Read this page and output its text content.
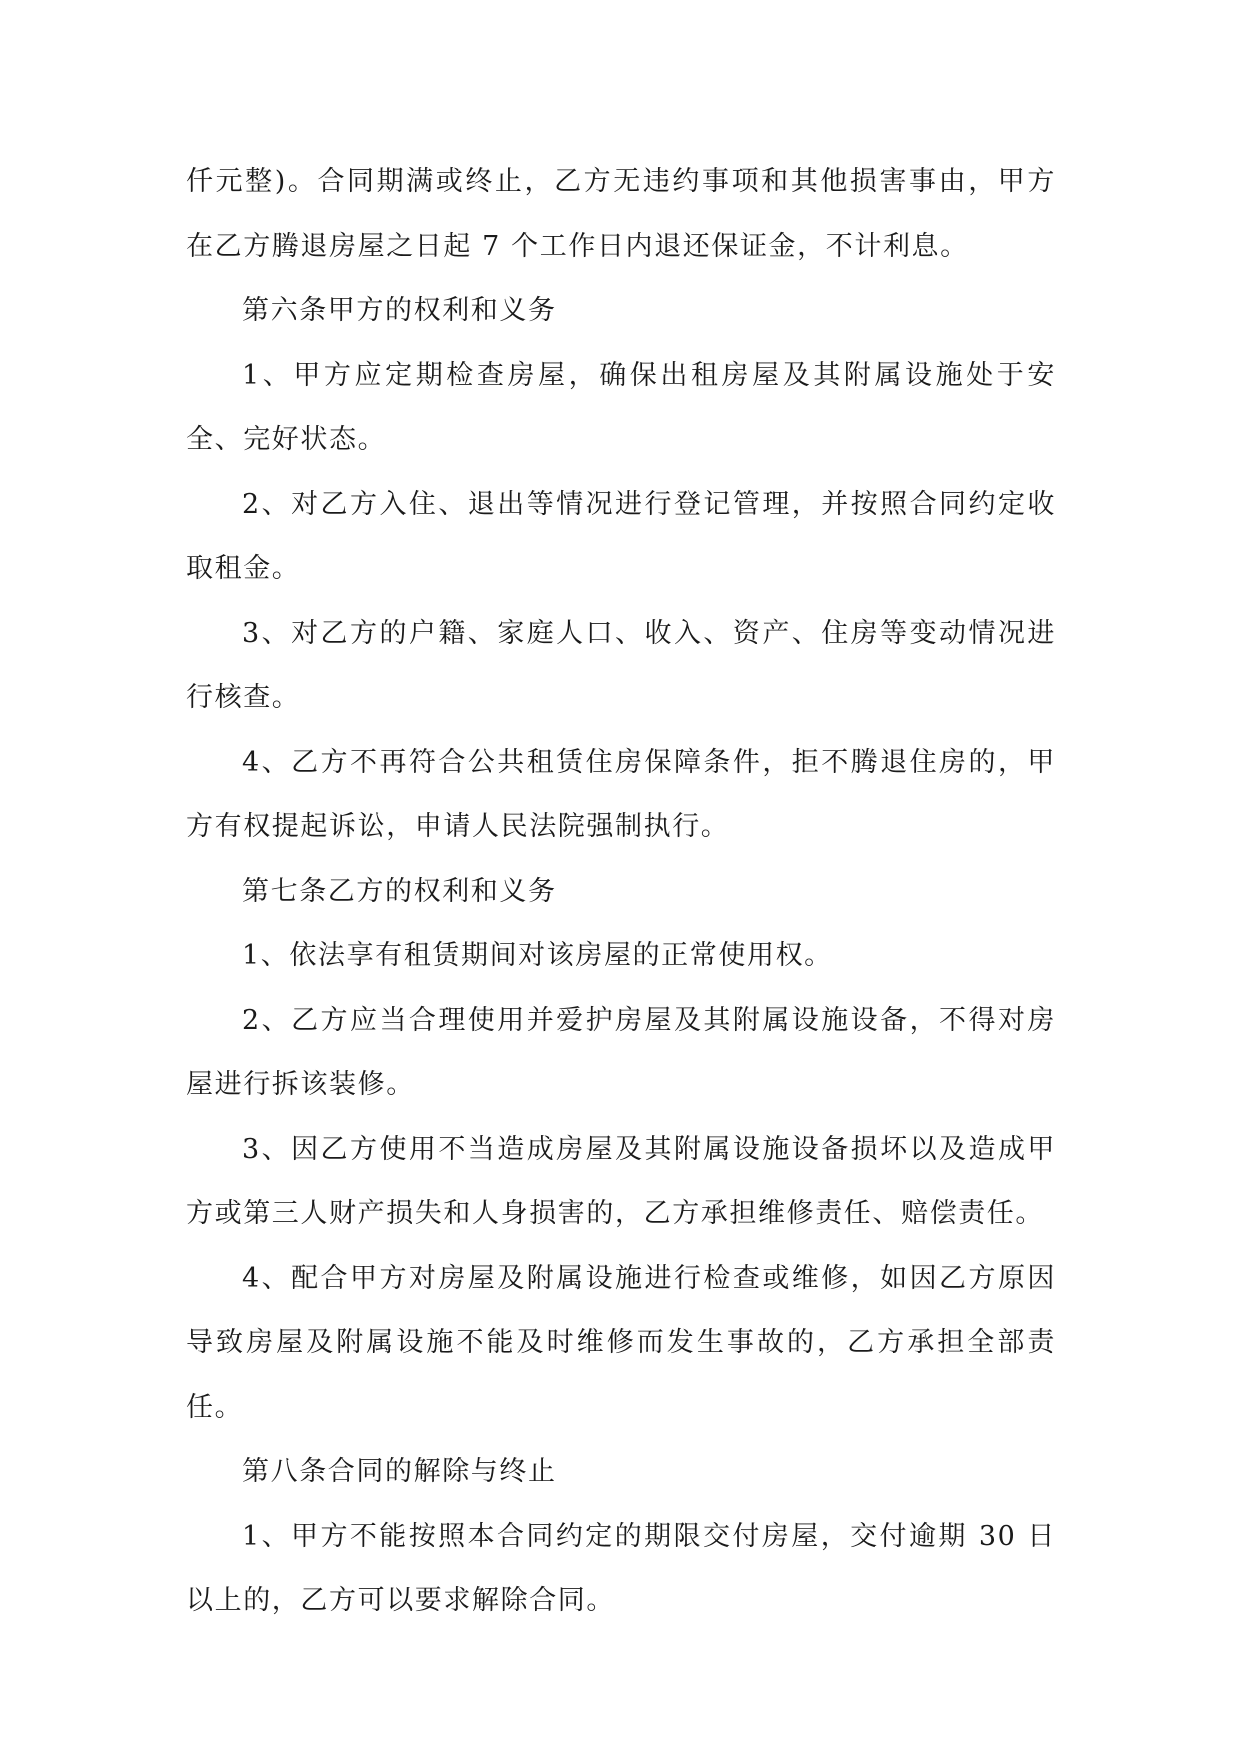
仟元整)。合同期满或终止，乙方无违约事项和其他损害事由，甲方在乙方腾退房屋之日起 7 个工作日内退还保证金，不计利息。

第六条甲方的权利和义务

1、甲方应定期检查房屋，确保出租房屋及其附属设施处于安全、完好状态。

2、对乙方入住、退出等情况进行登记管理，并按照合同约定收取租金。

3、对乙方的户籍、家庭人口、收入、资产、住房等变动情况进行核查。

4、乙方不再符合公共租赁住房保障条件，拒不腾退住房的，甲方有权提起诉讼，申请人民法院强制执行。

第七条乙方的权利和义务

1、依法享有租赁期间对该房屋的正常使用权。

2、乙方应当合理使用并爱护房屋及其附属设施设备，不得对房屋进行拆该装修。

3、因乙方使用不当造成房屋及其附属设施设备损坏以及造成甲方或第三人财产损失和人身损害的，乙方承担维修责任、赔偿责任。

4、配合甲方对房屋及附属设施进行检查或维修，如因乙方原因导致房屋及附属设施不能及时维修而发生事故的，乙方承担全部责任。

第八条合同的解除与终止

1、甲方不能按照本合同约定的期限交付房屋，交付逾期 30 日以上的，乙方可以要求解除合同。
